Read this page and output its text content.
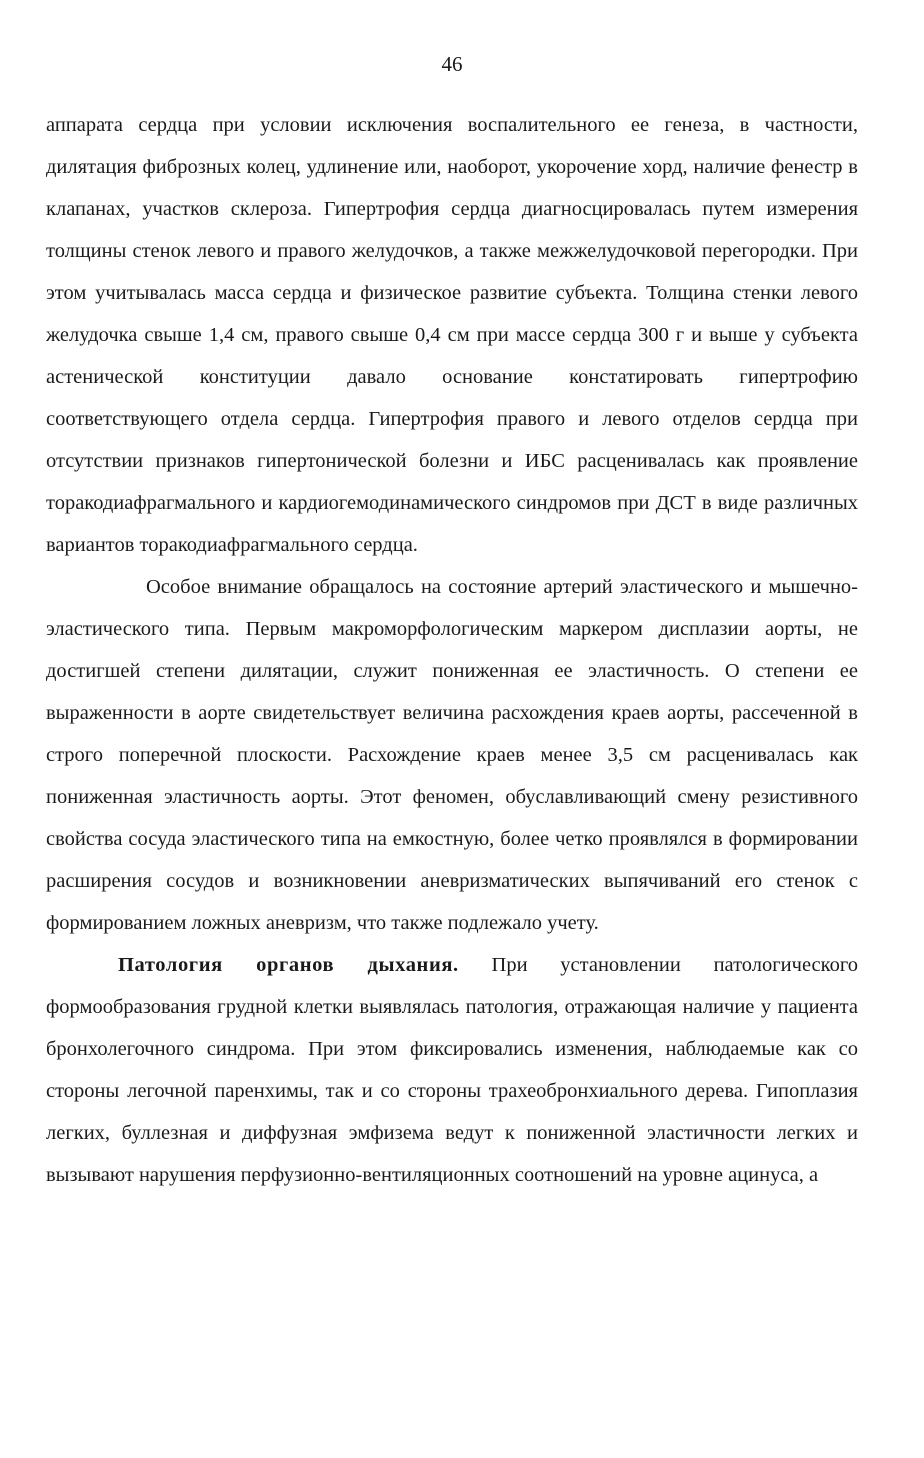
46

аппарата сердца при условии исключения воспалительного ее генеза, в частности, дилятация фиброзных колец, удлинение или, наоборот, укорочение хорд, наличие фенестр в клапанах, участков склероза. Гипертрофия сердца диагносцировалась путем измерения толщины стенок левого и правого желудочков, а также межжелудочковой перегородки. При этом учитывалась масса сердца и физическое развитие субъекта. Толщина стенки левого желудочка свыше 1,4 см, правого свыше 0,4 см при массе сердца 300 г и выше у субъекта астенической конституции давало основание констатировать гипертрофию соответствующего отдела сердца. Гипертрофия правого и левого отделов сердца при отсутствии признаков гипертонической болезни и ИБС расценивалась как проявление торакодиафрагмального и кардиогемодинамического синдромов при ДСТ в виде различных вариантов торакодиафрагмального сердца.

Особое внимание обращалось на состояние артерий эластического и мышечно-эластического типа. Первым макроморфологическим маркером дисплазии аорты, не достигшей степени дилятации, служит пониженная ее эластичность. О степени ее выраженности в аорте свидетельствует величина расхождения краев аорты, рассеченной в строго поперечной плоскости. Расхождение краев менее 3,5 см расценивалась как пониженная эластичность аорты. Этот феномен, обуславливающий смену резистивного свойства сосуда эластического типа на емкостную, более четко проявлялся в формировании расширения сосудов и возникновении аневризматических выпячиваний его стенок с формированием ложных аневризм, что также подлежало учету.

Патология органов дыхания. При установлении патологического формообразования грудной клетки выявлялась патология, отражающая наличие у пациента бронхолегочного синдрома. При этом фиксировались изменения, наблюдаемые как со стороны легочной паренхимы, так и со стороны трахеобронхиального дерева. Гипоплазия легких, буллезная и диффузная эмфизема ведут к пониженной эластичности легких и вызывают нарушения перфузионно-вентиляционных соотношений на уровне ацинуса, а
